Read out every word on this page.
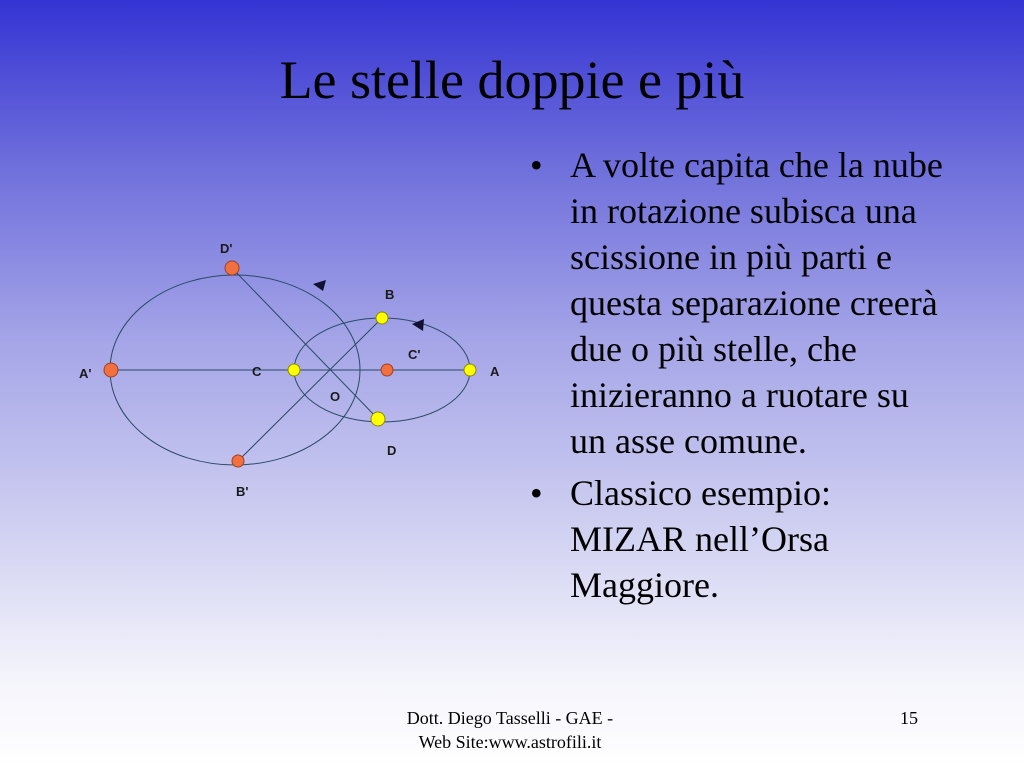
Le stelle doppie e più
D'
B
C'
A'	C	A
O
D
B'
• A volte capita che la nube in rotazione subisca una scissione in più parti e questa separazione creerà due o più stelle, che inizieranno a ruotare su un asse comune.
• Classico esempio: MIZAR nell’Orsa Maggiore.
Dott. Diego Tasselli - GAE -
Web Site:www.astrofili.it
15
